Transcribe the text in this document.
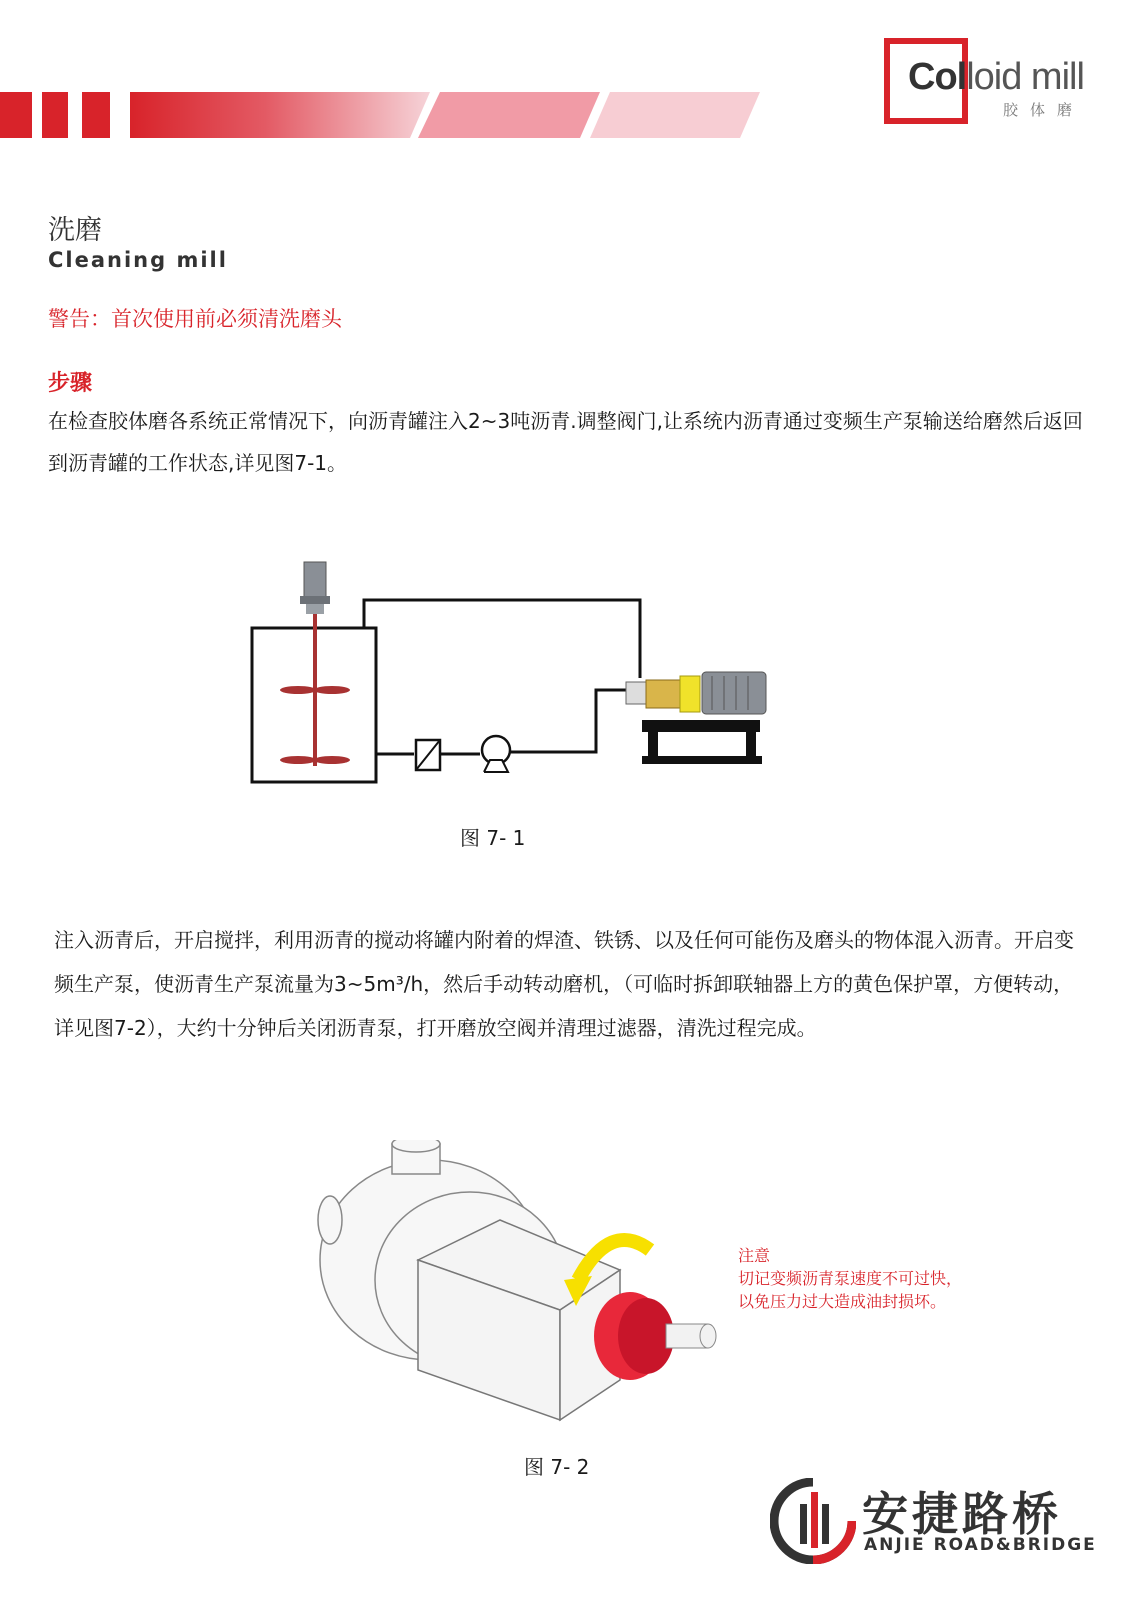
Colloid mill
胶体磨
洗磨
Cleaning mill
警告：首次使用前必须清洗磨头
步骤
在检查胶体磨各系统正常情况下，向沥青罐注入2~3吨沥青.调整阀门,让系统内沥青通过变频生产泵输送给磨然后返回到沥青罐的工作状态,详见图7-1。
图 7- 1
注入沥青后，开启搅拌，利用沥青的搅动将罐内附着的焊渣、铁锈、以及任何可能伤及磨头的物体混入沥青。开启变频生产泵，使沥青生产泵流量为3~5m³/h，然后手动转动磨机，（可临时拆卸联轴器上方的黄色保护罩，方便转动，详见图7-2），大约十分钟后关闭沥青泵，打开磨放空阀并清理过滤器，清洗过程完成。
注意
切记变频沥青泵速度不可过快，
以免压力过大造成油封损坏。
图 7- 2
安捷路桥
ANJIE ROAD&BRIDGE
